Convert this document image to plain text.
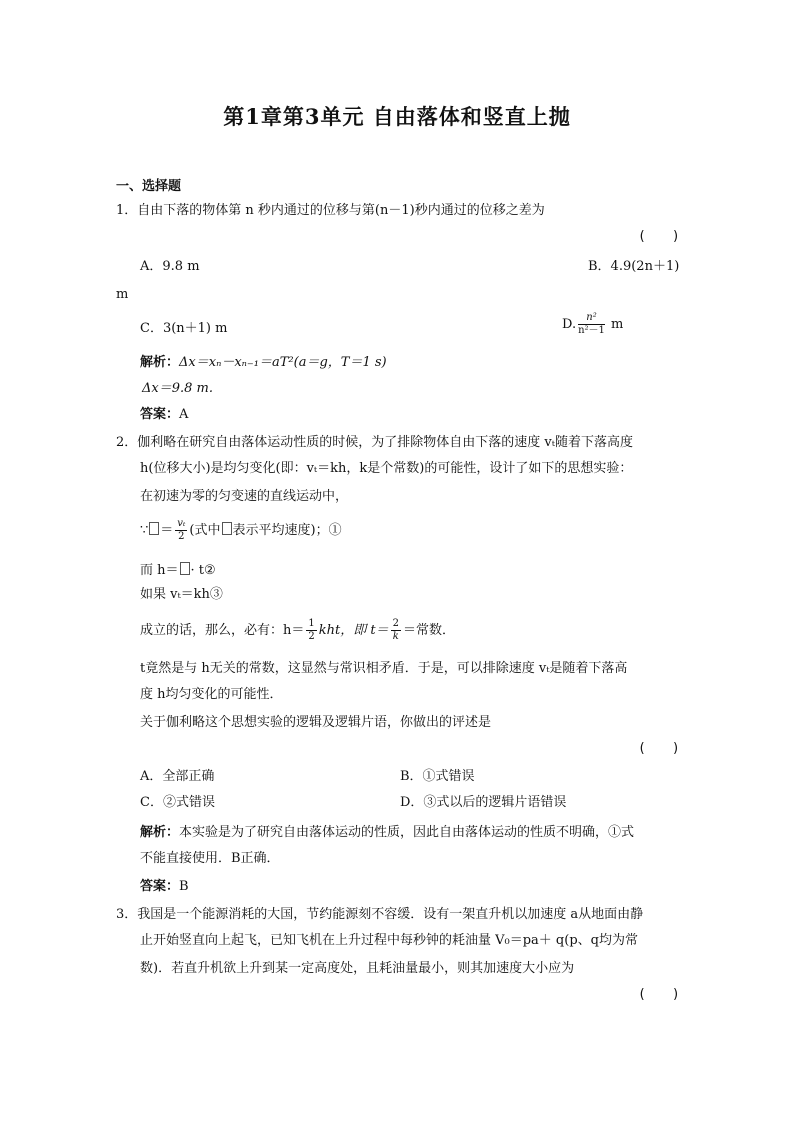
第1章第3单元 自由落体和竖直上抛
一、选择题
1．自由下落的物体第 n 秒内通过的位移与第(n－1)秒内通过的位移之差为
(　　)
A．9.8 m	B．4.9(2n＋1)
m
C．3(n＋1) m	D. $\frac{\text{n²}}{\text{n²－1}}$ m
解析：Δx＝xₙ－xₙ₋₁＝aT²(a＝g，T＝1 s)
Δx＝9.8 m.
答案：A
2．伽利略在研究自由落体运动性质的时候，为了排除物体自由下落的速度 vₜ随着下落高度
h(位移大小)是均匀变化(即：vₜ＝kh，k是个常数)的可能性，设计了如下的思想实验：
在初速为零的匀变速的直线运动中，
∵ ＝ $\frac{\text{vₜ}}{2}$ (式中 表示平均速度)；①
而 h＝ · t②
如果 vₜ＝kh③
成立的话，那么，必有：$h= \frac{1}{2}$ kht，即 $t= \frac{2}{k}$ ＝常数．
t竟然是与 h无关的常数，这显然与常识相矛盾．于是，可以排除速度 vₜ是随着下落高
度 h均匀变化的可能性．
关于伽利略这个思想实验的逻辑及逻辑片语，你做出的评述是
(　　)
A．全部正确	B．①式错误
C．②式错误	D．③式以后的逻辑片语错误
解析：本实验是为了研究自由落体运动的性质，因此自由落体运动的性质不明确，①式
不能直接使用．B正确．
答案：B
3．我国是一个能源消耗的大国，节约能源刻不容缓．设有一架直升机以加速度 a从地面由静
止开始竖直向上起飞，已知飞机在上升过程中每秒钟的耗油量 V₀＝pa＋ q(p、q均为常
数)．若直升机欲上升到某一定高度处，且耗油量最小，则其加速度大小应为
(　　)
